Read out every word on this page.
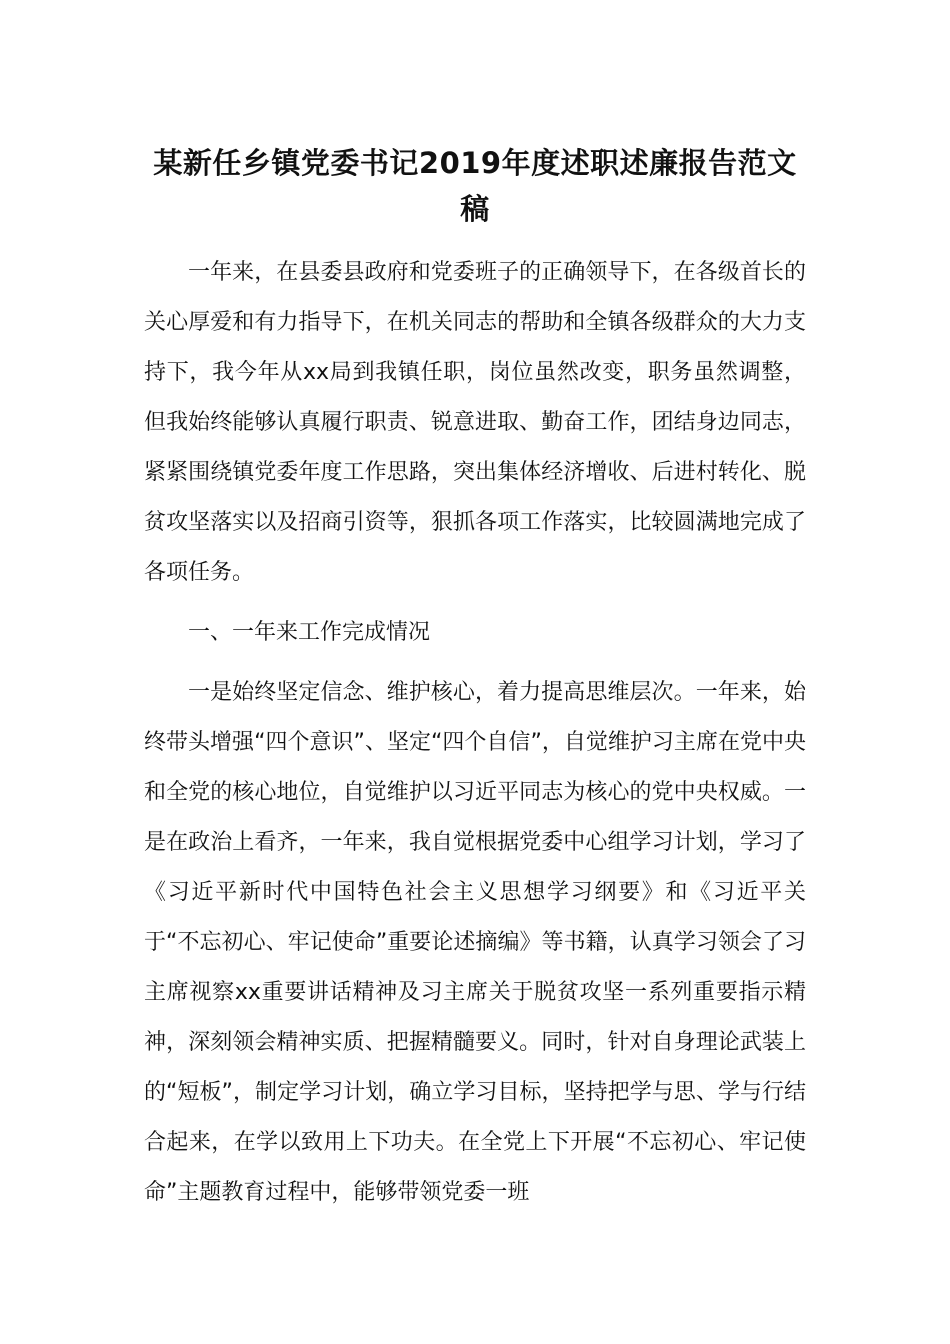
某新任乡镇党委书记2019年度述职述廉报告范文
稿

一年来，在县委县政府和党委班子的正确领导下，在各级首长的关心厚爱和有力指导下，在机关同志的帮助和全镇各级群众的大力支持下，我今年从xx局到我镇任职，岗位虽然改变，职务虽然调整，但我始终能够认真履行职责、锐意进取、勤奋工作，团结身边同志，紧紧围绕镇党委年度工作思路，突出集体经济增收、后进村转化、脱贫攻坚落实以及招商引资等，狠抓各项工作落实，比较圆满地完成了各项任务。

一、一年来工作完成情况

一是始终坚定信念、维护核心，着力提高思维层次。一年来，始终带头增强“四个意识”、坚定“四个自信”，自觉维护习主席在党中央和全党的核心地位，自觉维护以习近平同志为核心的党中央权威。一是在政治上看齐，一年来，我自觉根据党委中心组学习计划，学习了《习近平新时代中国特色社会主义思想学习纲要》和《习近平关于“不忘初心、牢记使命”重要论述摘编》等书籍，认真学习领会了习主席视察xx重要讲话精神及习主席关于脱贫攻坚一系列重要指示精神，深刻领会精神实质、把握精髓要义。同时，针对自身理论武装上的“短板”，制定学习计划，确立学习目标，坚持把学与思、学与行结合起来，在学以致用上下功夫。在全党上下开展“不忘初心、牢记使命”主题教育过程中，能够带领党委一班
